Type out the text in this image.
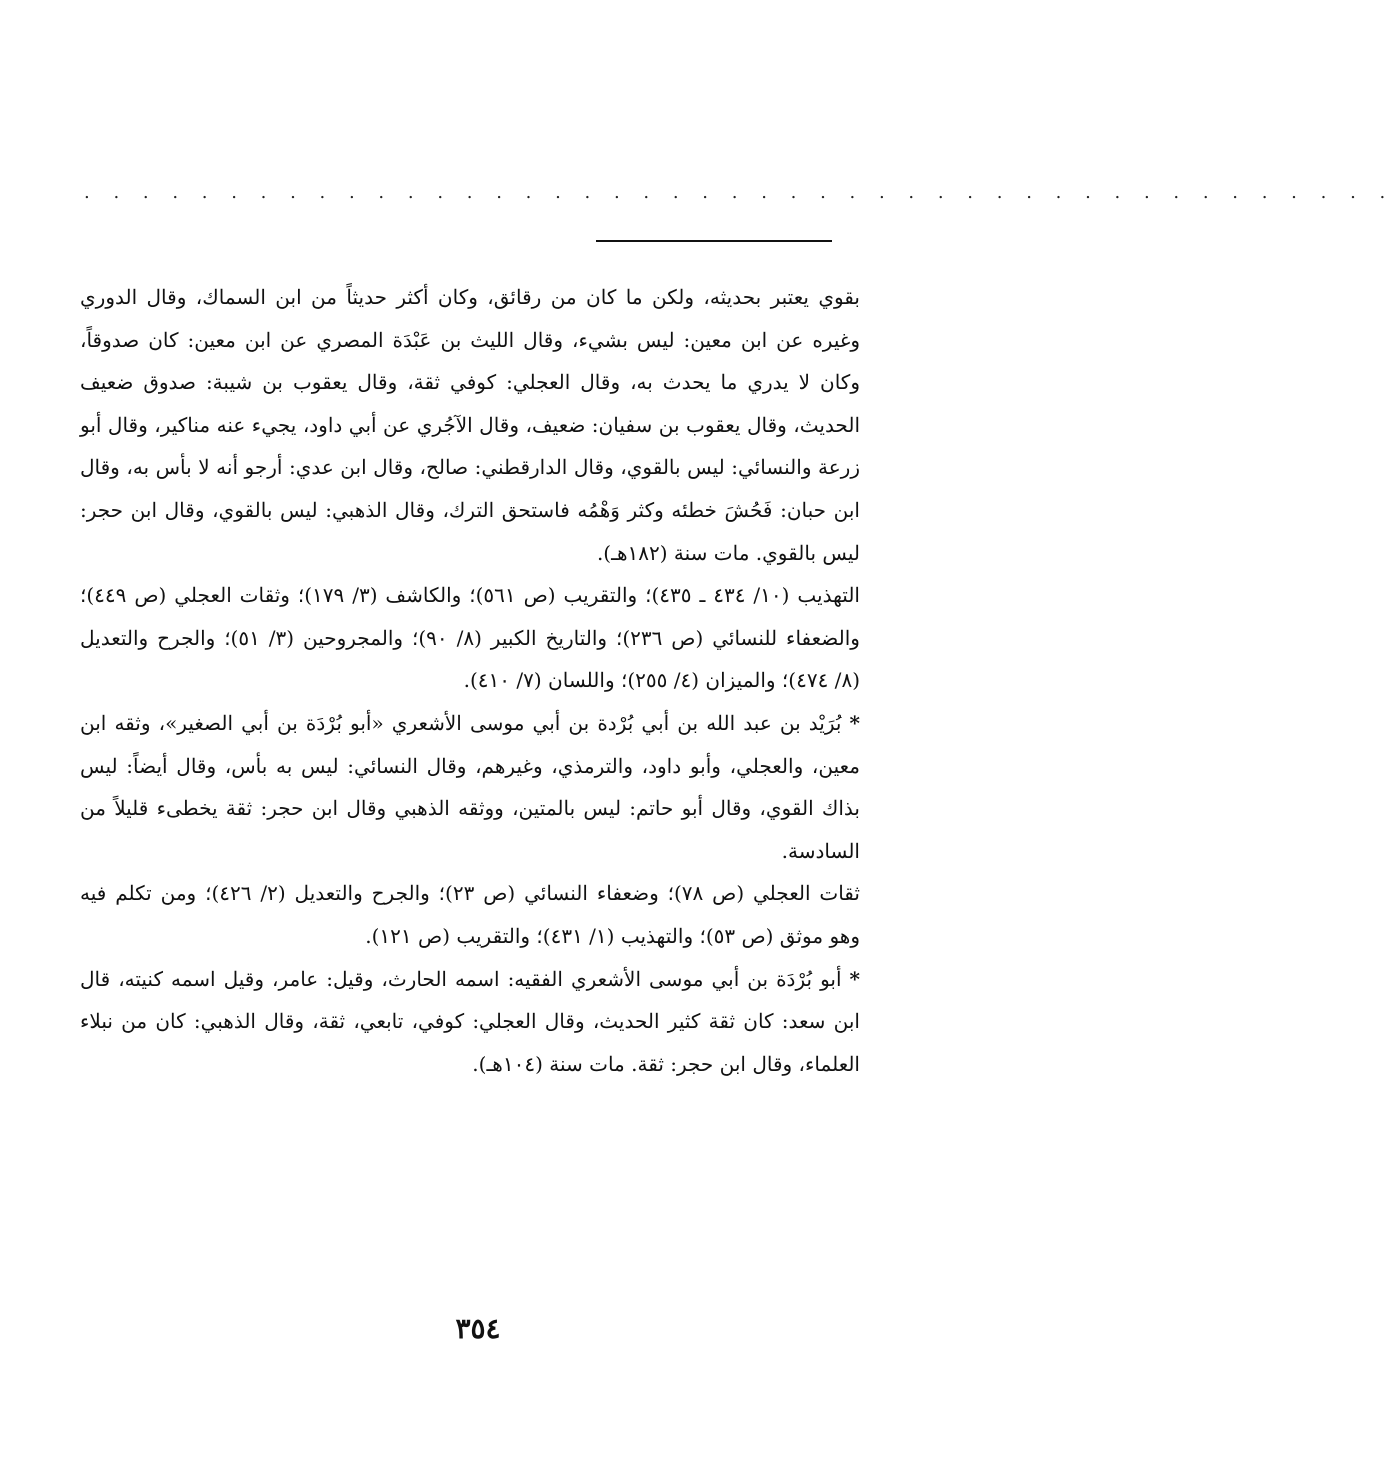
. . . . . . . . . . . . . . . . . . . . . . . . . . . . . . . . . . . . . . . . . . . . .

بقوي يعتبر بحديثه، ولكن ما كان من رقائق، وكان أكثر حديثاً من ابن السماك، وقال الدوري وغيره عن ابن معين: ليس بشيء، وقال الليث بن عَبْدَة المصري عن ابن معين: كان صدوقاً، وكان لا يدري ما يحدث به، وقال العجلي: كوفي ثقة، وقال يعقوب بن شيبة: صدوق ضعيف الحديث، وقال يعقوب بن سفيان: ضعيف، وقال الآجُري عن أبي داود، يجيء عنه مناكير، وقال أبو زرعة والنسائي: ليس بالقوي، وقال الدارقطني: صالح، وقال ابن عدي: أرجو أنه لا بأس به، وقال ابن حبان: فَحُشَ خطئه وكثر وَهْمُه فاستحق الترك، وقال الذهبي: ليس بالقوي، وقال ابن حجر: ليس بالقوي. مات سنة (١٨٢هـ).

التهذيب (١٠/ ٤٣٤ ـ ٤٣٥)؛ والتقريب (ص ٥٦١)؛ والكاشف (٣/ ١٧٩)؛ وثقات العجلي (ص ٤٤٩)؛ والضعفاء للنسائي (ص ٢٣٦)؛ والتاريخ الكبير (٨/ ٩٠)؛ والمجروحين (٣/ ٥١)؛ والجرح والتعديل (٨/ ٤٧٤)؛ والميزان (٤/ ٢٥٥)؛ واللسان (٧/ ٤١٠).

* بُرَيْد بن عبد الله بن أبي بُرْدة بن أبي موسى الأشعري «أبو بُرْدَة بن أبي الصغير»، وثقه ابن معين، والعجلي، وأبو داود، والترمذي، وغيرهم، وقال النسائي: ليس به بأس، وقال أيضاً: ليس بذاك القوي، وقال أبو حاتم: ليس بالمتين، ووثقه الذهبي وقال ابن حجر: ثقة يخطىء قليلاً من السادسة.

ثقات العجلي (ص ٧٨)؛ وضعفاء النسائي (ص ٢٣)؛ والجرح والتعديل (٢/ ٤٢٦)؛ ومن تكلم فيه وهو موثق (ص ٥٣)؛ والتهذيب (١/ ٤٣١)؛ والتقريب (ص ١٢١).

* أبو بُرْدَة بن أبي موسى الأشعري الفقيه: اسمه الحارث، وقيل: عامر، وقيل اسمه كنيته، قال ابن سعد: كان ثقة كثير الحديث، وقال العجلي: كوفي، تابعي، ثقة، وقال الذهبي: كان من نبلاء العلماء، وقال ابن حجر: ثقة. مات سنة (١٠٤هـ).

٣٥٤
